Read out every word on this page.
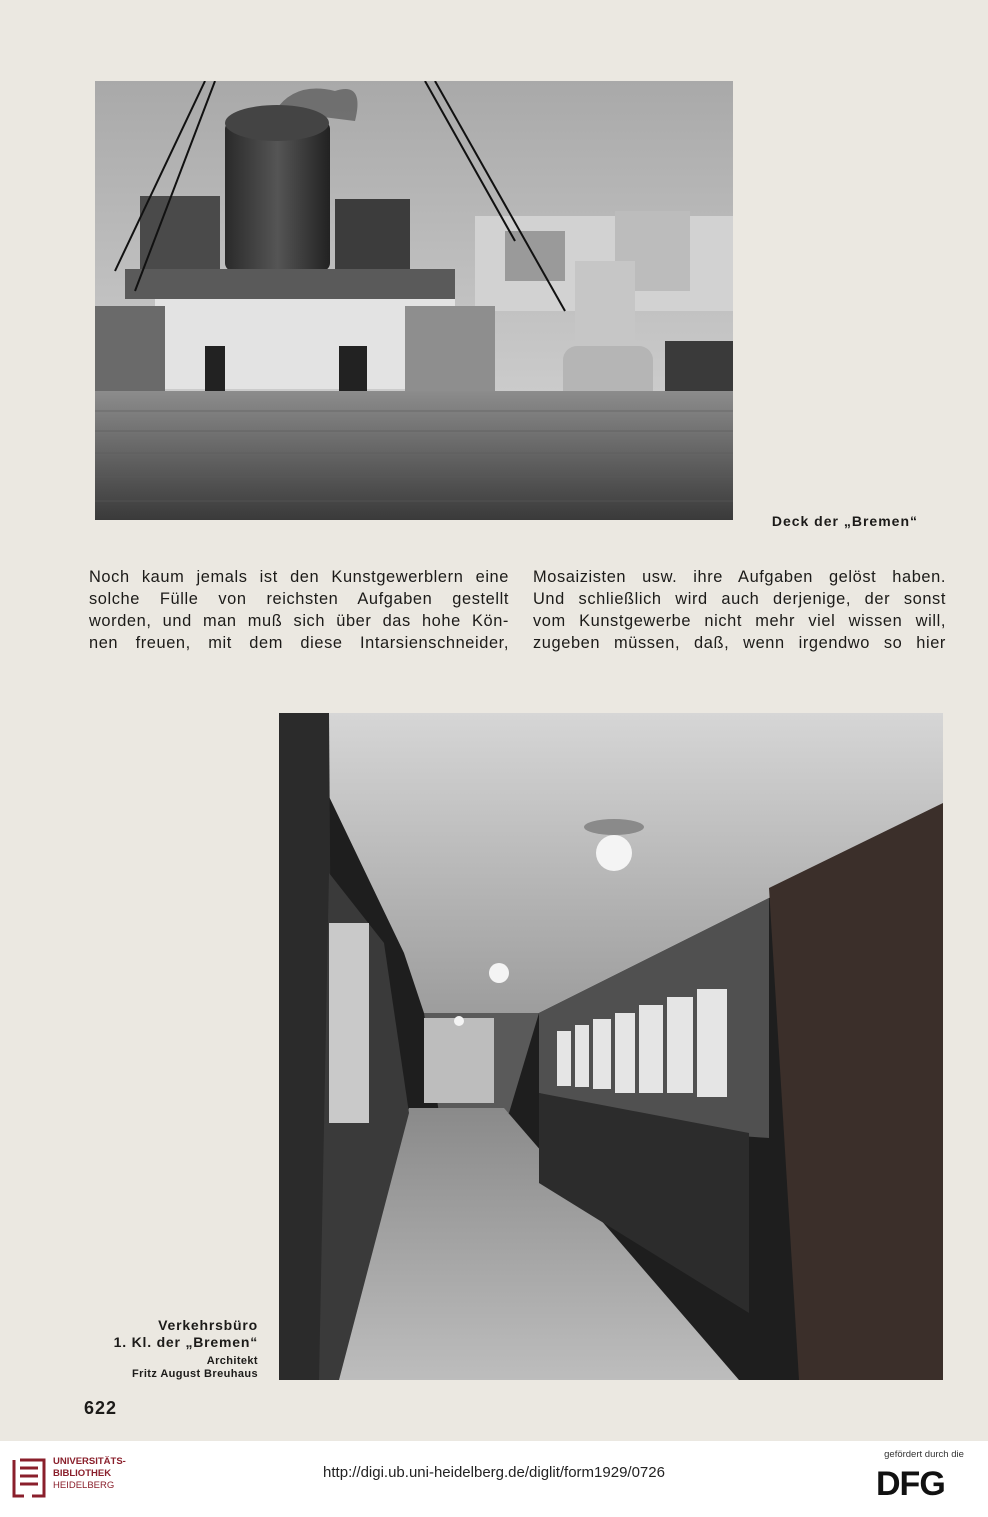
Deck der „Bremen“

Noch kaum jemals ist den Kunstgewerblern eine

solche Fülle von reichsten Aufgaben gestellt

worden, und man muß sich über das hohe Kön-

nen freuen, mit dem diese Intarsienschneider,

Mosaizisten usw. ihre Aufgaben gelöst haben.

Und schließlich wird auch derjenige, der sonst

vom Kunstgewerbe nicht mehr viel wissen will,

zugeben müssen, daß, wenn irgendwo so hier

Verkehrsbüro
1. Kl. der „Bremen“
Architekt
Fritz August Breuhaus
622
UNIVERSITÄTS-
BIBLIOTHEK
HEIDELBERG
http://digi.ub.uni-heidelberg.de/diglit/form1929/0726
gefördert durch die
DFG
